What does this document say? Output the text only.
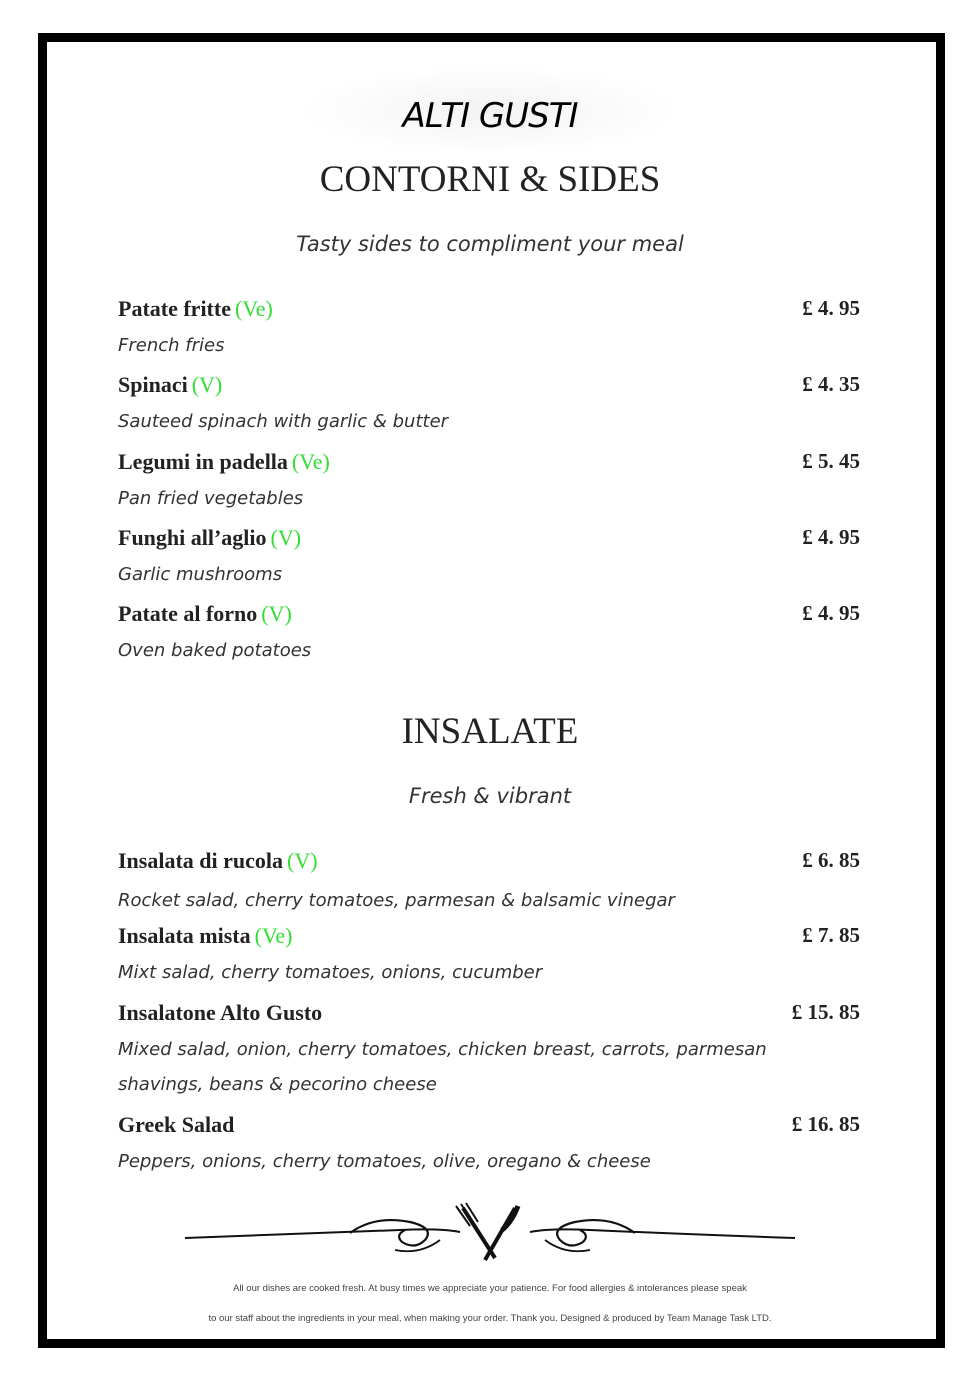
ALTI GUSTI
CONTORNI & SIDES
Tasty sides to compliment your meal
Patate fritte (Ve)	£ 4. 95
French fries
Spinaci (V)	£ 4. 35
Sauteed spinach with garlic & butter
Legumi in padella (Ve)	£ 5. 45
Pan fried vegetables
Funghi all’aglio (V)	£ 4. 95
Garlic mushrooms
Patate al forno (V)	£ 4. 95
Oven baked potatoes
INSALATE
Fresh & vibrant
Insalata di rucola (V)	£ 6. 85
Rocket salad, cherry tomatoes, parmesan & balsamic vinegar
Insalata mista (Ve)	£ 7. 85
Mixt salad, cherry tomatoes, onions, cucumber
Insalatone Alto Gusto	£ 15. 85
Mixed salad, onion, cherry tomatoes, chicken breast, carrots, parmesan
shavings, beans & pecorino cheese
Greek Salad	£ 16. 85
Peppers, onions, cherry tomatoes, olive, oregano & cheese
All our dishes are cooked fresh. At busy times we appreciate your patience. For food allergies & intolerances please speak
to our staff about the ingredients in your meal, when making your order. Thank you. Designed & produced by Team Manage Task LTD.
